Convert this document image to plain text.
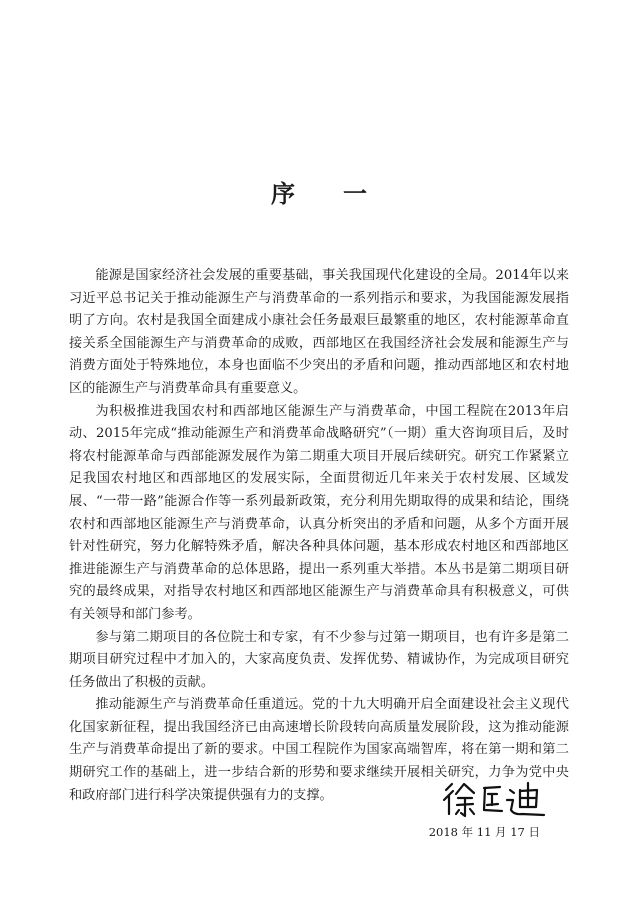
序 一

能源是国家经济社会发展的重要基础，事关我国现代化建设的全局。2014年以来习近平总书记关于推动能源生产与消费革命的一系列指示和要求，为我国能源发展指明了方向。农村是我国全面建成小康社会任务最艰巨最繁重的地区，农村能源革命直接关系全国能源生产与消费革命的成败，西部地区在我国经济社会发展和能源生产与消费方面处于特殊地位，本身也面临不少突出的矛盾和问题，推动西部地区和农村地区的能源生产与消费革命具有重要意义。

为积极推进我国农村和西部地区能源生产与消费革命，中国工程院在2013年启动、2015年完成“推动能源生产和消费革命战略研究”（一期）重大咨询项目后，及时将农村能源革命与西部能源发展作为第二期重大项目开展后续研究。研究工作紧紧立足我国农村地区和西部地区的发展实际，全面贯彻近几年来关于农村发展、区域发展、“一带一路”能源合作等一系列最新政策，充分利用先期取得的成果和结论，围绕农村和西部地区能源生产与消费革命，认真分析突出的矛盾和问题，从多个方面开展针对性研究，努力化解特殊矛盾，解决各种具体问题，基本形成农村地区和西部地区推进能源生产与消费革命的总体思路，提出一系列重大举措。本丛书是第二期项目研究的最终成果，对指导农村地区和西部地区能源生产与消费革命具有积极意义，可供有关领导和部门参考。

参与第二期项目的各位院士和专家，有不少参与过第一期项目，也有许多是第二期项目研究过程中才加入的，大家高度负责、发挥优势、精诚协作，为完成项目研究任务做出了积极的贡献。

推动能源生产与消费革命任重道远。党的十九大明确开启全面建设社会主义现代化国家新征程，提出我国经济已由高速增长阶段转向高质量发展阶段，这为推动能源生产与消费革命提出了新的要求。中国工程院作为国家高端智库，将在第一期和第二期研究工作的基础上，进一步结合新的形势和要求继续开展相关研究，力争为党中央和政府部门进行科学决策提供强有力的支撑。

2018 年 11 月 17 日
